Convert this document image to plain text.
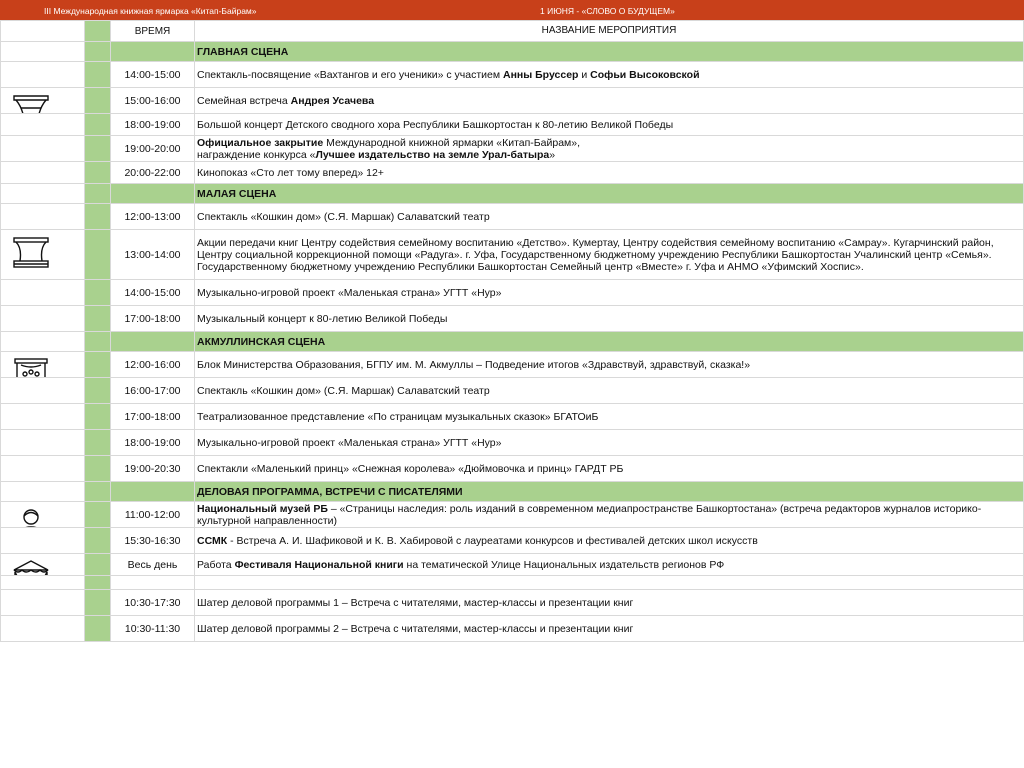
III Международная книжная ярмарка «Китап-Байрам»	1 ИЮНЯ - «СЛОВО О БУДУЩЕМ»
		ВРЕМЯ	НАЗВАНИЕ МЕРОПРИЯТИЯ
			ГЛАВНАЯ СЦЕНА
		14:00-15:00	Спектакль-посвящение «Вахтангов и его ученики» с участием Анны Бруссер и Софьи Высоковской

		15:00-16:00	Семейная встреча Андрея Усачева
		18:00-19:00	Большой концерт Детского сводного хора Республики Башкортостан к 80-летию Великой Победы
		19:00-20:00	Официальное закрытие Международной книжной ярмарки «Китап-Байрам»,
награждение конкурса «Лучшее издательство на земле Урал-батыра»
		20:00-22:00	Кинопоказ «Сто лет тому вперед» 12+
			МАЛАЯ СЦЕНА
		12:00-13:00	Спектакль «Кошкин дом» (С.Я. Маршак) Салаватский театр

		13:00-14:00	Акции передачи книг Центру содействия семейному воспитанию «Детство». Кумертау, Центру содействия семейному воспитанию «Самрау». Кугарчинский район, Центру социальной коррекционной помощи «Радуга». г. Уфа, Государственному бюджетному учреждению Республики Башкортостан Учалинский центр «Семья». Государственному бюджетному учреждению Республики Башкортостан Семейный центр «Вместе» г. Уфа и АНМО «Уфимский Хоспис».
		14:00-15:00	Музыкально-игровой проект «Маленькая страна» УГТТ «Нур»
		17:00-18:00	Музыкальный концерт к 80-летию Великой Победы
			АКМУЛЛИНСКАЯ СЦЕНА

		12:00-16:00	Блок Министерства Образования, БГПУ им. М. Акмуллы – Подведение итогов «Здравствуй, здравствуй, сказка!»
		16:00-17:00	Спектакль «Кошкин дом» (С.Я. Маршак) Салаватский театр
		17:00-18:00	Театрализованное представление «По страницам музыкальных сказок» БГАТОиБ
		18:00-19:00	Музыкально-игровой проект «Маленькая страна» УГТТ «Нур»
		19:00-20:30	Спектакли «Маленький принц» «Снежная королева» «Дюймовочка и принц» ГАРДТ РБ
			ДЕЛОВАЯ ПРОГРАММА, ВСТРЕЧИ С ПИСАТЕЛЯМИ

		11:00-12:00	Национальный музей РБ – «Страницы наследия: роль изданий в современном медиапространстве Башкортостана» (встреча редакторов журналов историко-культурной направленности)
		15:30-16:30	ССМК - Встреча А. И. Шафиковой и К. В. Хабировой с лауреатами конкурсов и фестивалей детских школ искусств

		Весь день	Работа Фестиваля Национальной книги на тематической Улице Национальных издательств регионов РФ

		10:30-17:30	Шатер деловой программы 1 – Встреча с читателями, мастер-классы и презентации книг
		10:30-11:30	Шатер деловой программы 2 – Встреча с читателями, мастер-классы и презентации книг
